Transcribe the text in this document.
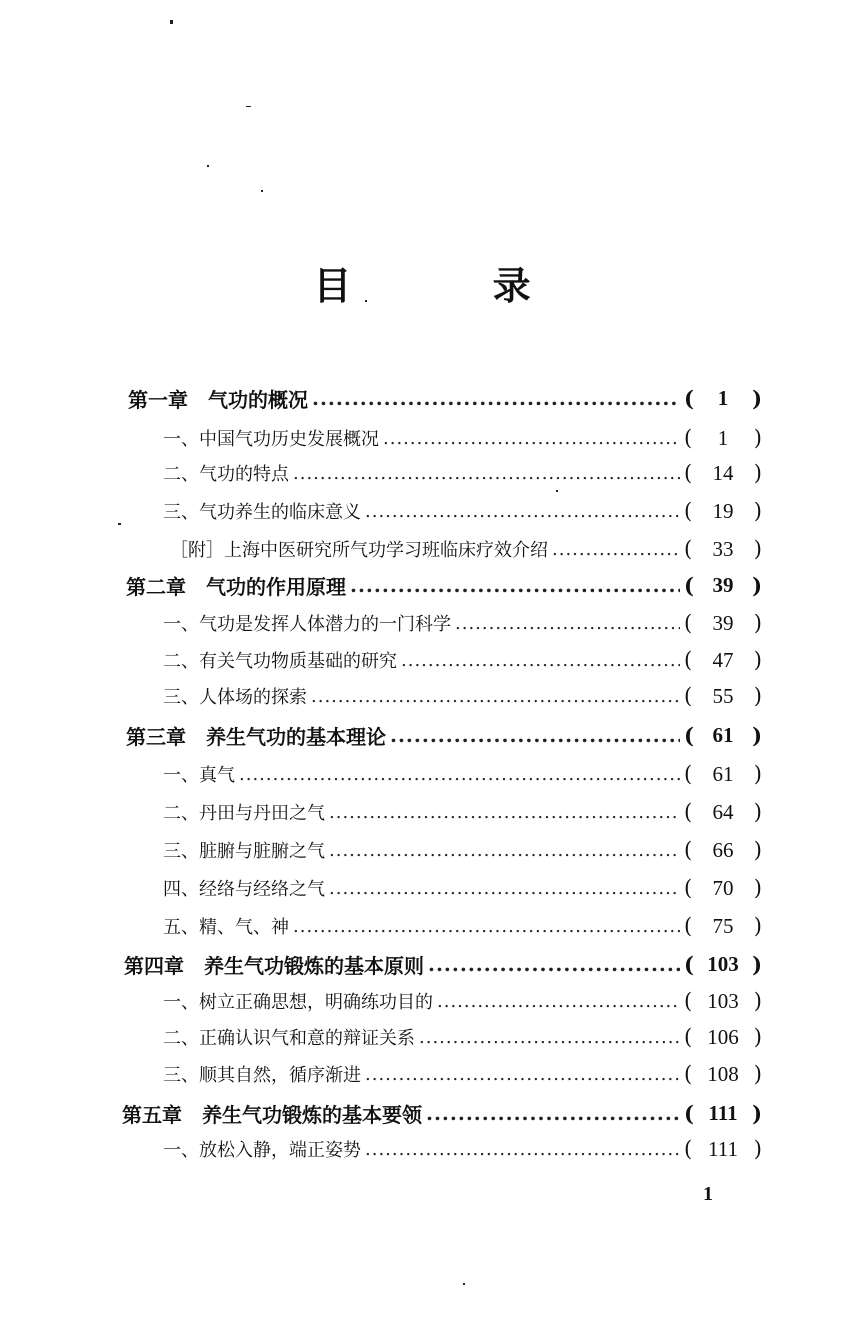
目 录
第一章　气功的概况 .....	(	1	)
一、中国气功历史发展概况 .....	(	1	)
二、气功的特点 .....	( 14 )
三、气功养生的临床意义 .....	( 19 )
［附］上海中医研究所气功学习班临床疗效介绍 .....	( 33 )
第二章　气功的作用原理 .....	( 39 )
一、气功是发挥人体潜力的一门科学 .....	( 39 )
二、有关气功物质基础的研究 .....	( 47 )
三、人体场的探索 .....	( 55 )
第三章　养生气功的基本理论 .....	( 61 )
一、真气 .....	( 61 )
二、丹田与丹田之气 .....	( 64 )
三、脏腑与脏腑之气 .....	( 66 )
四、经络与经络之气 .....	( 70 )
五、精、气、神 .....	( 75 )
第四章　养生气功锻炼的基本原则 .....	( 103 )
一、树立正确思想，明确练功目的 .....	( 103 )
二、正确认识气和意的辩证关系 .....	( 106 )
三、顺其自然，循序渐进 .....	( 108 )
第五章　养生气功锻炼的基本要领 .....	( 111 )
一、放松入静，端正姿势 .....	( 111 )
1
